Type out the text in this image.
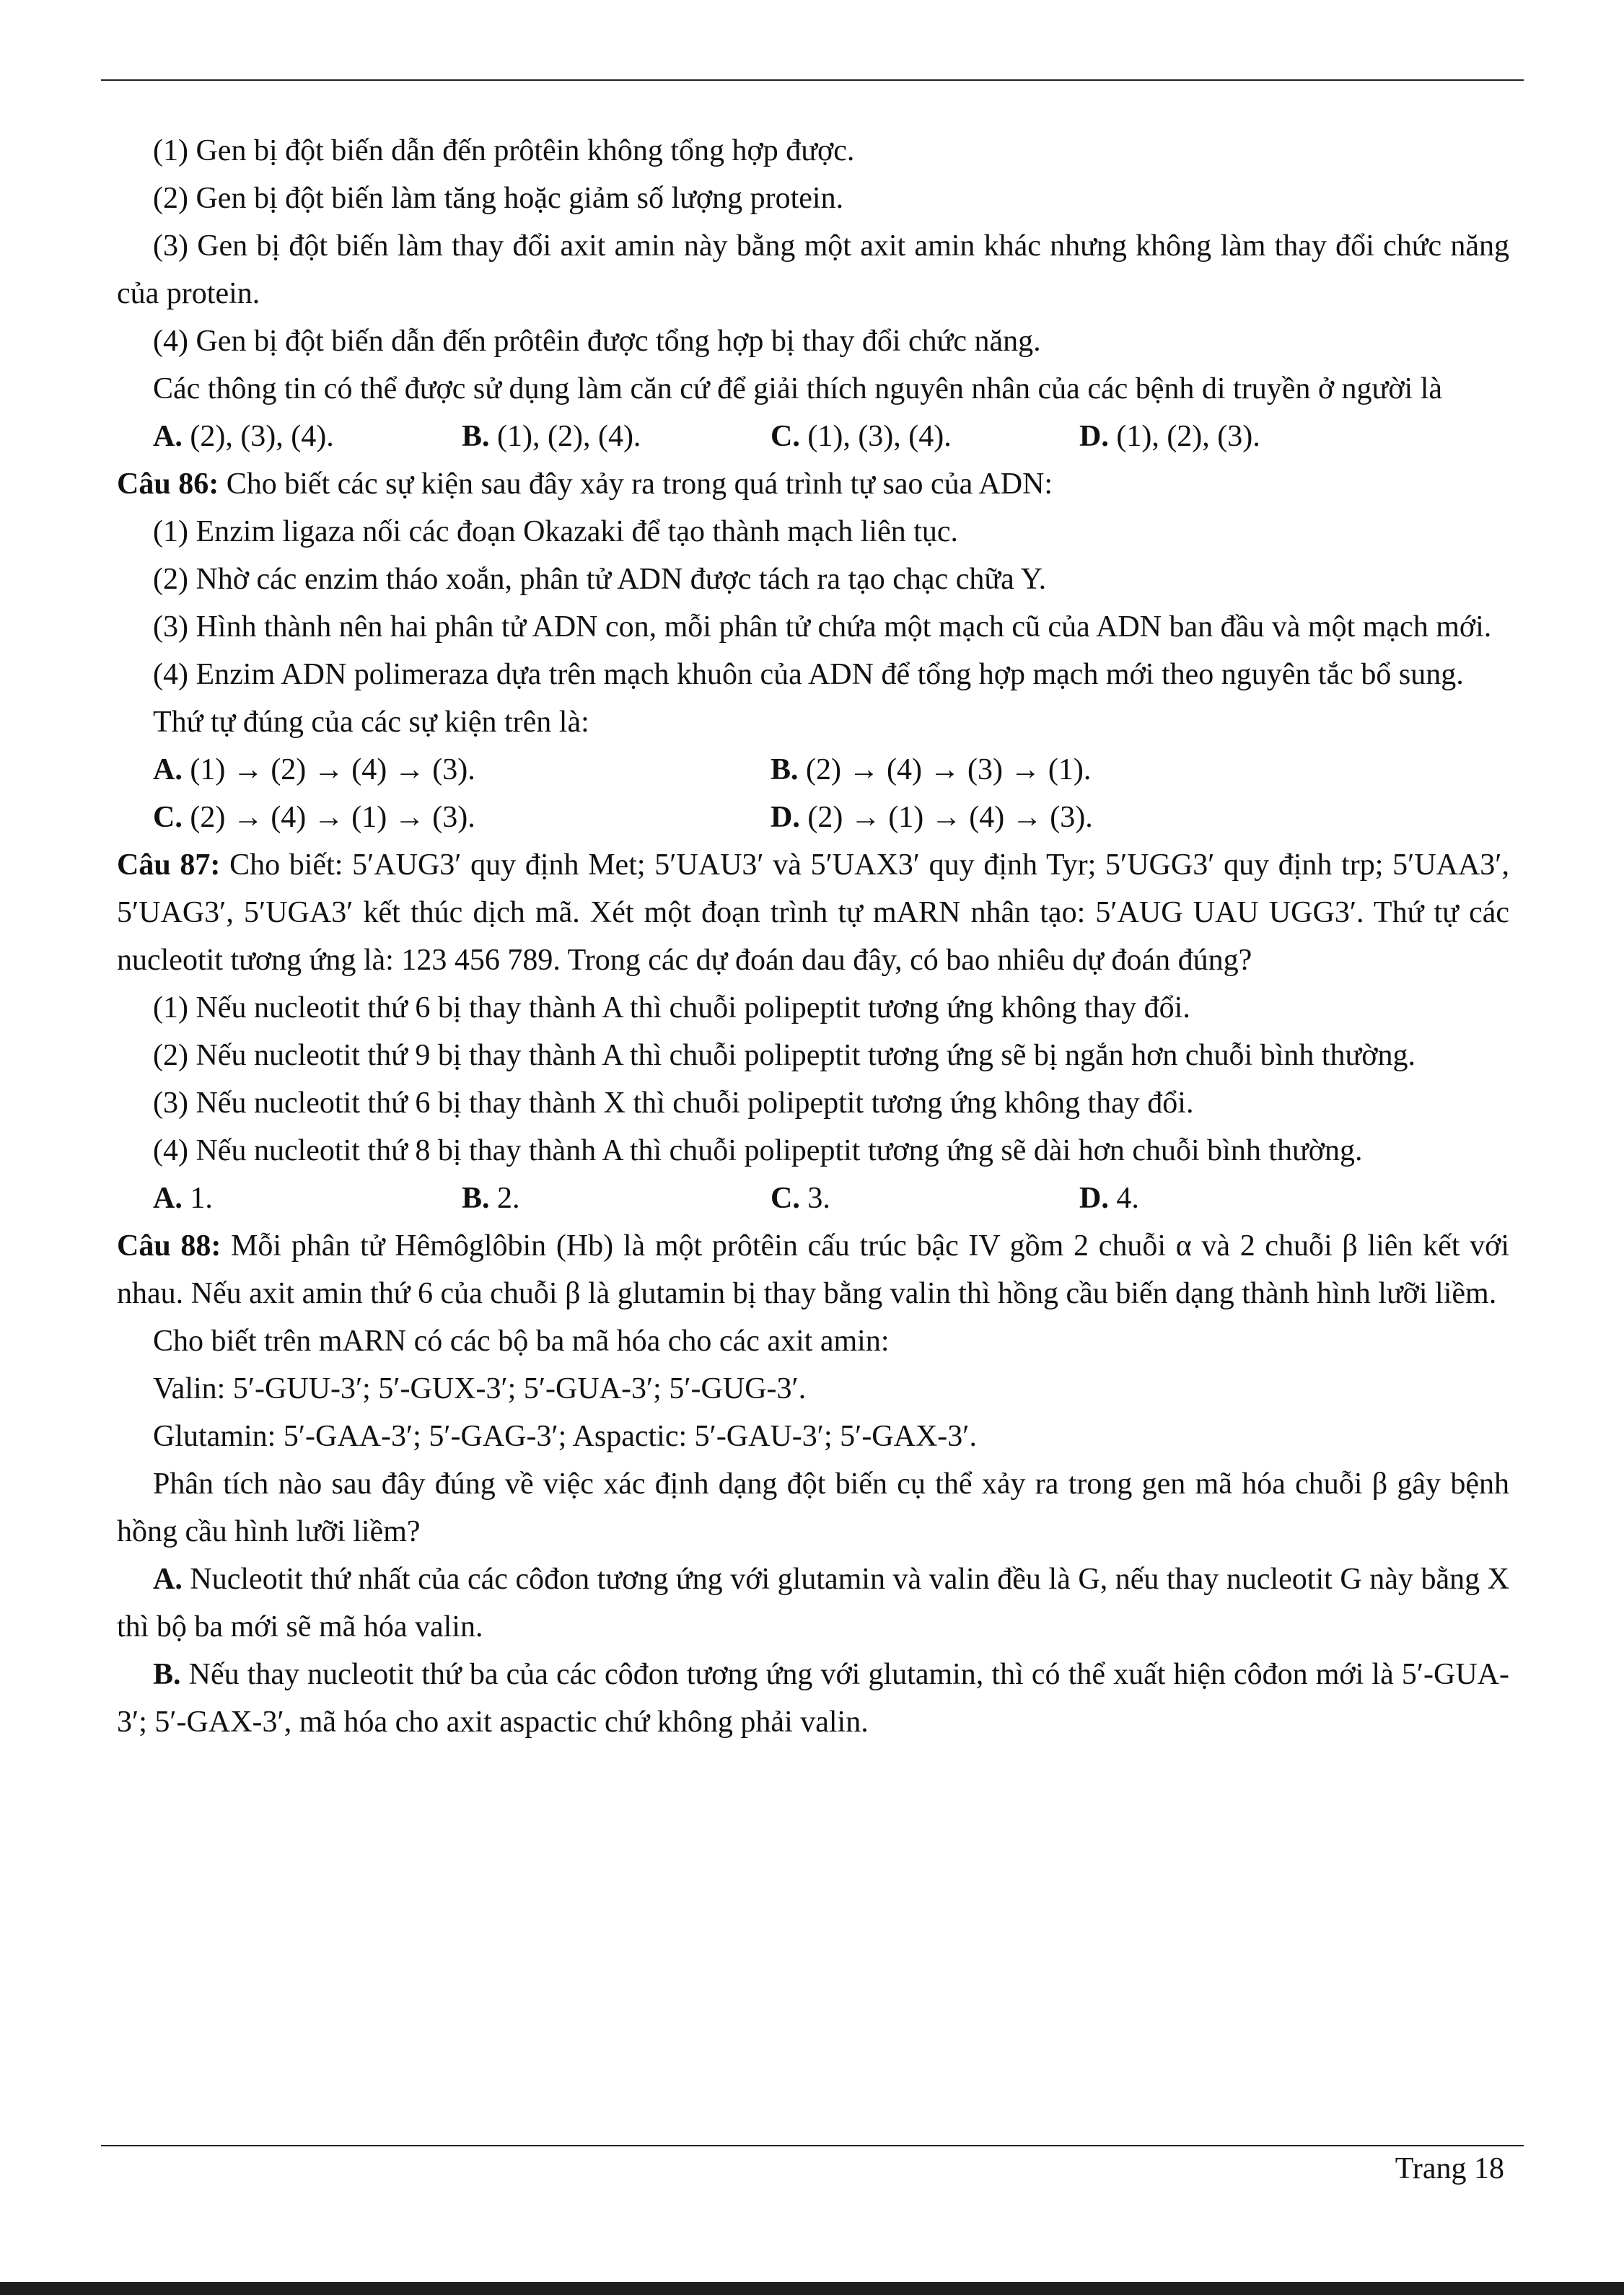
(1) Gen bị đột biến dẫn đến prôtêin không tổng hợp được.

(2) Gen bị đột biến làm tăng hoặc giảm số lượng protein.

(3) Gen bị đột biến làm thay đổi axit amin này bằng một axit amin khác nhưng không làm thay đổi chức năng của protein.

(4) Gen bị đột biến dẫn đến prôtêin được tổng hợp bị thay đổi chức năng.

Các thông tin có thể được sử dụng làm căn cứ để giải thích nguyên nhân của các bệnh di truyền ở người là

A. (2), (3), (4).	B. (1), (2), (4).	C. (1), (3), (4).	D. (1), (2), (3).

Câu 86: Cho biết các sự kiện sau đây xảy ra trong quá trình tự sao của ADN:

(1) Enzim ligaza nối các đoạn Okazaki để tạo thành mạch liên tục.

(2) Nhờ các enzim tháo xoắn, phân tử ADN được tách ra tạo chạc chữa Y.

(3) Hình thành nên hai phân tử ADN con, mỗi phân tử chứa một mạch cũ của ADN ban đầu và một mạch mới.

(4) Enzim ADN polimeraza dựa trên mạch khuôn của ADN để tổng hợp mạch mới theo nguyên tắc bổ sung.

Thứ tự đúng của các sự kiện trên là:

A. (1) → (2) → (4) → (3).	B. (2) → (4) → (3) → (1).
C. (2) → (4) → (1) → (3).	D. (2) → (1) → (4) → (3).

Câu 87: Cho biết: 5′AUG3′ quy định Met; 5′UAU3′ và 5′UAX3′ quy định Tyr; 5′UGG3′ quy định trp; 5′UAA3′, 5′UAG3′, 5′UGA3′ kết thúc dịch mã. Xét một đoạn trình tự mARN nhân tạo: 5′AUG UAU UGG3′. Thứ tự các nucleotit tương ứng là: 123 456 789. Trong các dự đoán dau đây, có bao nhiêu dự đoán đúng?

(1) Nếu nucleotit thứ 6 bị thay thành A thì chuỗi polipeptit tương ứng không thay đổi.

(2) Nếu nucleotit thứ 9 bị thay thành A thì chuỗi polipeptit tương ứng sẽ bị ngắn hơn chuỗi bình thường.

(3) Nếu nucleotit thứ 6 bị thay thành X thì chuỗi polipeptit tương ứng không thay đổi.

(4) Nếu nucleotit thứ 8 bị thay thành A thì chuỗi polipeptit tương ứng sẽ dài hơn chuỗi bình thường.

A. 1.	B. 2.	C. 3.	D. 4.

Câu 88: Mỗi phân tử Hêmôglôbin (Hb) là một prôtêin cấu trúc bậc IV gồm 2 chuỗi α và 2 chuỗi β liên kết với nhau. Nếu axit amin thứ 6 của chuỗi β là glutamin bị thay bằng valin thì hồng cầu biến dạng thành hình lưỡi liềm.

Cho biết trên mARN có các bộ ba mã hóa cho các axit amin:

Valin: 5′-GUU-3′; 5′-GUX-3′; 5′-GUA-3′; 5′-GUG-3′.

Glutamin: 5′-GAA-3′; 5′-GAG-3′; Aspactic: 5′-GAU-3′; 5′-GAX-3′.

Phân tích nào sau đây đúng về việc xác định dạng đột biến cụ thể xảy ra trong gen mã hóa chuỗi β gây bệnh hồng cầu hình lưỡi liềm?

A. Nucleotit thứ nhất của các côđon tương ứng với glutamin và valin đều là G, nếu thay nucleotit G này bằng X thì bộ ba mới sẽ mã hóa valin.

B. Nếu thay nucleotit thứ ba của các côđon tương ứng với glutamin, thì có thể xuất hiện côđon mới là 5′-GUA-3′; 5′-GAX-3′, mã hóa cho axit aspactic chứ không phải valin.

Trang 18
